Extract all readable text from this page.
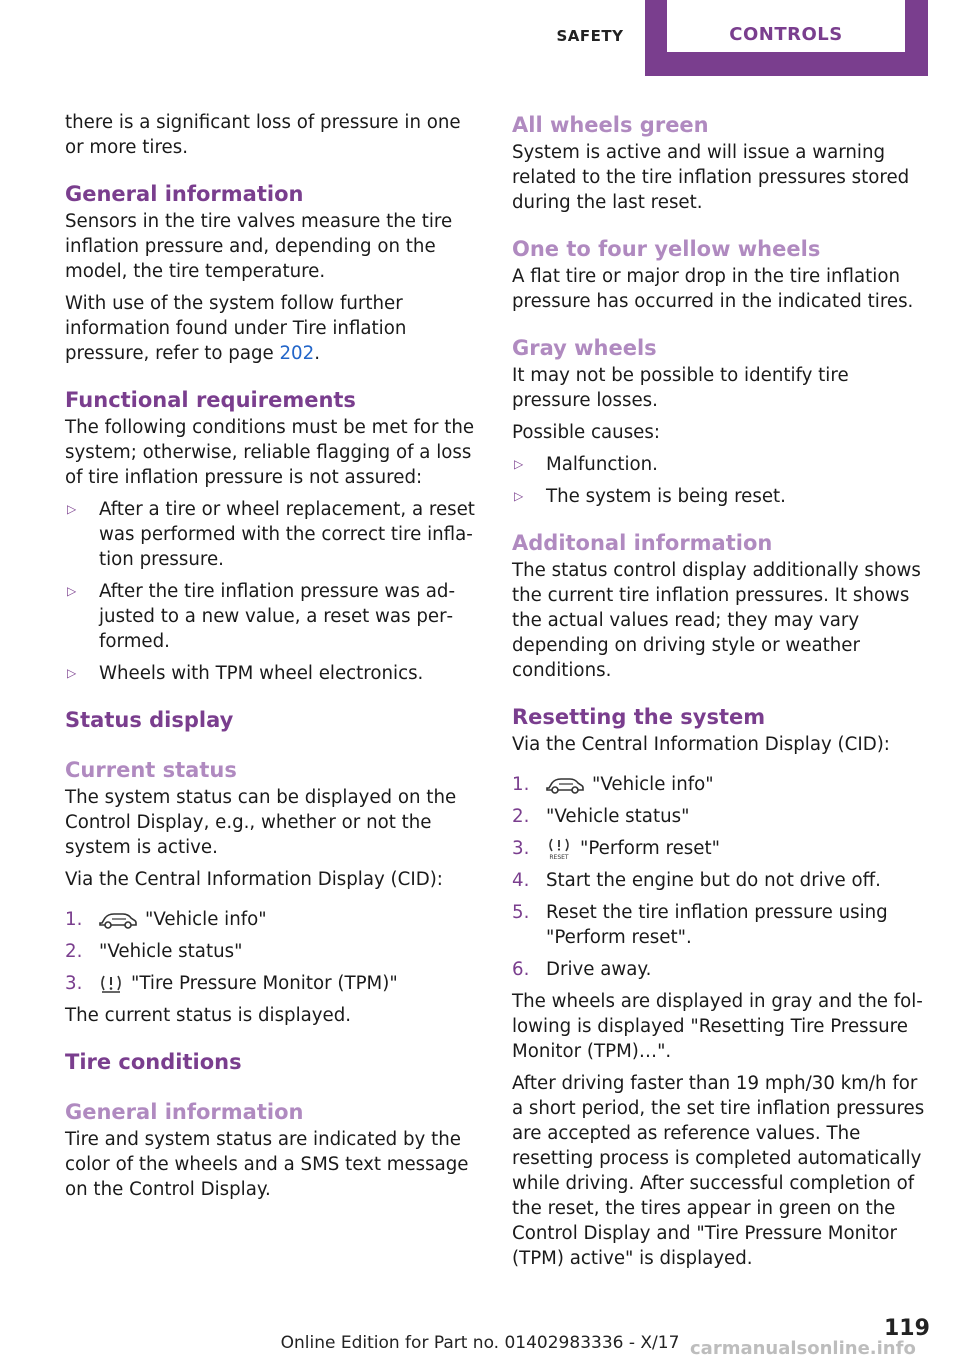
SAFETY	CONTROLS

there is a significant loss of pressure in one or more tires.

General information

Sensors in the tire valves measure the tire inflation pressure and, depending on the model, the tire temperature.

With use of the system follow further information found under Tire inflation pressure, refer to page 202.

Functional requirements

The following conditions must be met for the system; otherwise, reliable flagging of a loss of tire inflation pressure is not assured:

▷ After a tire or wheel replacement, a reset was performed with the correct tire inflation pressure.
▷ After the tire inflation pressure was adjusted to a new value, a reset was performed.
▷ Wheels with TPM wheel electronics.
Status display
Current status

The system status can be displayed on the Control Display, e.g., whether or not the system is active.

Via the Central Information Display (CID):

1.	"Vehicle info"
2. "Vehicle status"
3.	"Tire Pressure Monitor (TPM)"

The current status is displayed.

Tire conditions
General information

Tire and system status are indicated by the color of the wheels and a SMS text message on the Control Display.

All wheels green

System is active and will issue a warning related to the tire inflation pressures stored during the last reset.

One to four yellow wheels

A flat tire or major drop in the tire inflation pressure has occurred in the indicated tires.

Gray wheels

It may not be possible to identify tire pressure losses.

Possible causes:

▷ Malfunction.
▷ The system is being reset.
Additonal information

The status control display additionally shows the current tire inflation pressures. It shows the actual values read; they may vary depending on driving style or weather conditions.

Resetting the system

Via the Central Information Display (CID):

1.	"Vehicle info"
2. "Vehicle status"
3.	RESET "Perform reset"
4. Start the engine but do not drive off.
5. Reset the tire inflation pressure using "Perform reset".
6. Drive away.

The wheels are displayed in gray and the following is displayed "Resetting Tire Pressure Monitor (TPM)…".

After driving faster than 19 mph/30 km/h for a short period, the set tire inflation pressures are accepted as reference values. The resetting process is completed automatically while driving. After successful completion of the reset, the tires appear in green on the Control Display and "Tire Pressure Monitor (TPM) active" is displayed.

119
Online Edition for Part no. 01402983336 - X/17 carmanualsonline.info
